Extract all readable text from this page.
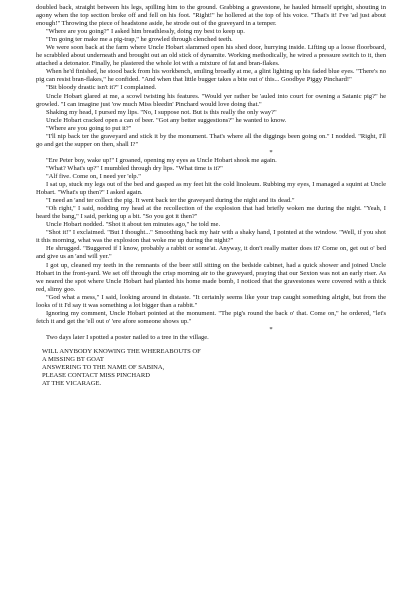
doubled back, straight between his legs, spilling him to the ground. Grabbing a gravestone, he hauled himself upright, shouting in agony when the top section broke off and fell on his foot. "Right!" he hollered at the top of his voice. "That's it! I've 'ad just about enough!" Throwing the piece of headstone aside, he strode out of the graveyard in a temper.

"Where are you going?" I asked him breathlessly, doing my best to keep up.

"I'm going ter make me a pig-trap," he growled through clenched teeth.

We were soon back at the farm where Uncle Hobart slammed open his shed door, hurrying inside. Lifting up a loose floorboard, he scrabbled about underneath and brought out an old stick of dynamite. Working methodically, he wired a pressure switch to it, then attached a detonator. Finally, he plastered the whole lot with a mixture of fat and bran-flakes.

When he'd finished, he stood back from his workbench, smiling broadly at me, a glint lighting up his faded blue eyes. "There's no pig can resist bran-flakes," he confided. "And when that little bugger takes a bite out o' this... Goodbye Piggy Pinchard!"

"Bit bloody drastic isn't it?" I complained.

Uncle Hobart glared at me, a scowl twisting his features. "Would yer rather be 'auled into court for owning a Satanic pig?" he growled. "I can imagine just 'ow much Miss bleedin' Pinchard would love doing that."

Shaking my head, I pursed my lips. "No, I suppose not. But is this really the only way?"

Uncle Hobart cracked open a can of beer. "Got any better suggestions?" he wanted to know.

"Where are you going to put it?"

"I'll nip back ter the graveyard and stick it by the monument. That's where all the diggings been going on." I nodded. "Right, I'll go and get the supper on then, shall I?"

*

"Ere Peter boy, wake up!" I groaned, opening my eyes as Uncle Hobart shook me again.

"What? What's up?" I mumbled through dry lips. "What time is it?"

"Alf five. Come on, I need yer 'elp."

I sat up, stuck my legs out of the bed and gasped as my feet hit the cold linoleum. Rubbing my eyes, I managed a squint at Uncle Hobart. "What's up then?" I asked again.

"I need an 'and ter collect the pig. It went back ter the graveyard during the night and its dead."

"Oh right," I said, nodding my head at the recollection of the explosion that had briefly woken me during the night. "Yeah, I heard the bang," I said, perking up a bit. "So you got it then?"

Uncle Hobart nodded. "Shot it about ten minutes ago," he told me.

"Shot it!" I exclaimed. "But I thought..." Smoothing back my hair with a shaky hand, I pointed at the window. "Well, if you shot it this morning, what was the explosion that woke me up during the night?"

He shrugged. "Buggered if I know, probably a rabbit or some'at. Anyway, it don't really matter does it? Come on, get out o' bed and give us an 'and will yer."

I got up, cleaned my teeth in the remnants of the beer still sitting on the bedside cabinet, had a quick shower and joined Uncle Hobart in the front-yard. We set off through the crisp morning air to the graveyard, praying that our Sexton was not an early riser. As we neared the spot where Uncle Hobart had planted his home made bomb, I noticed that the gravestones were covered with a thick red, slimy goo.

"God what a mess," I said, looking around in distaste. "It certainly seems like your trap caught something alright, but from the looks of it I'd say it was something a lot bigger than a rabbit."

Ignoring my comment, Uncle Hobart pointed at the monument. "The pig's round the back o' that. Come on," he ordered, "let's fetch it and get the 'ell out o' 'ere afore someone shows up."

*

Two days later I spotted a poster nailed to a tree in the village.

WILL ANYBODY KNOWING THE WHEREABOUTS OF
A MISSING BT GOAT
ANSWERING TO THE NAME OF SABINA,
PLEASE CONTACT MISS PINCHARD
AT THE VICARAGE.
